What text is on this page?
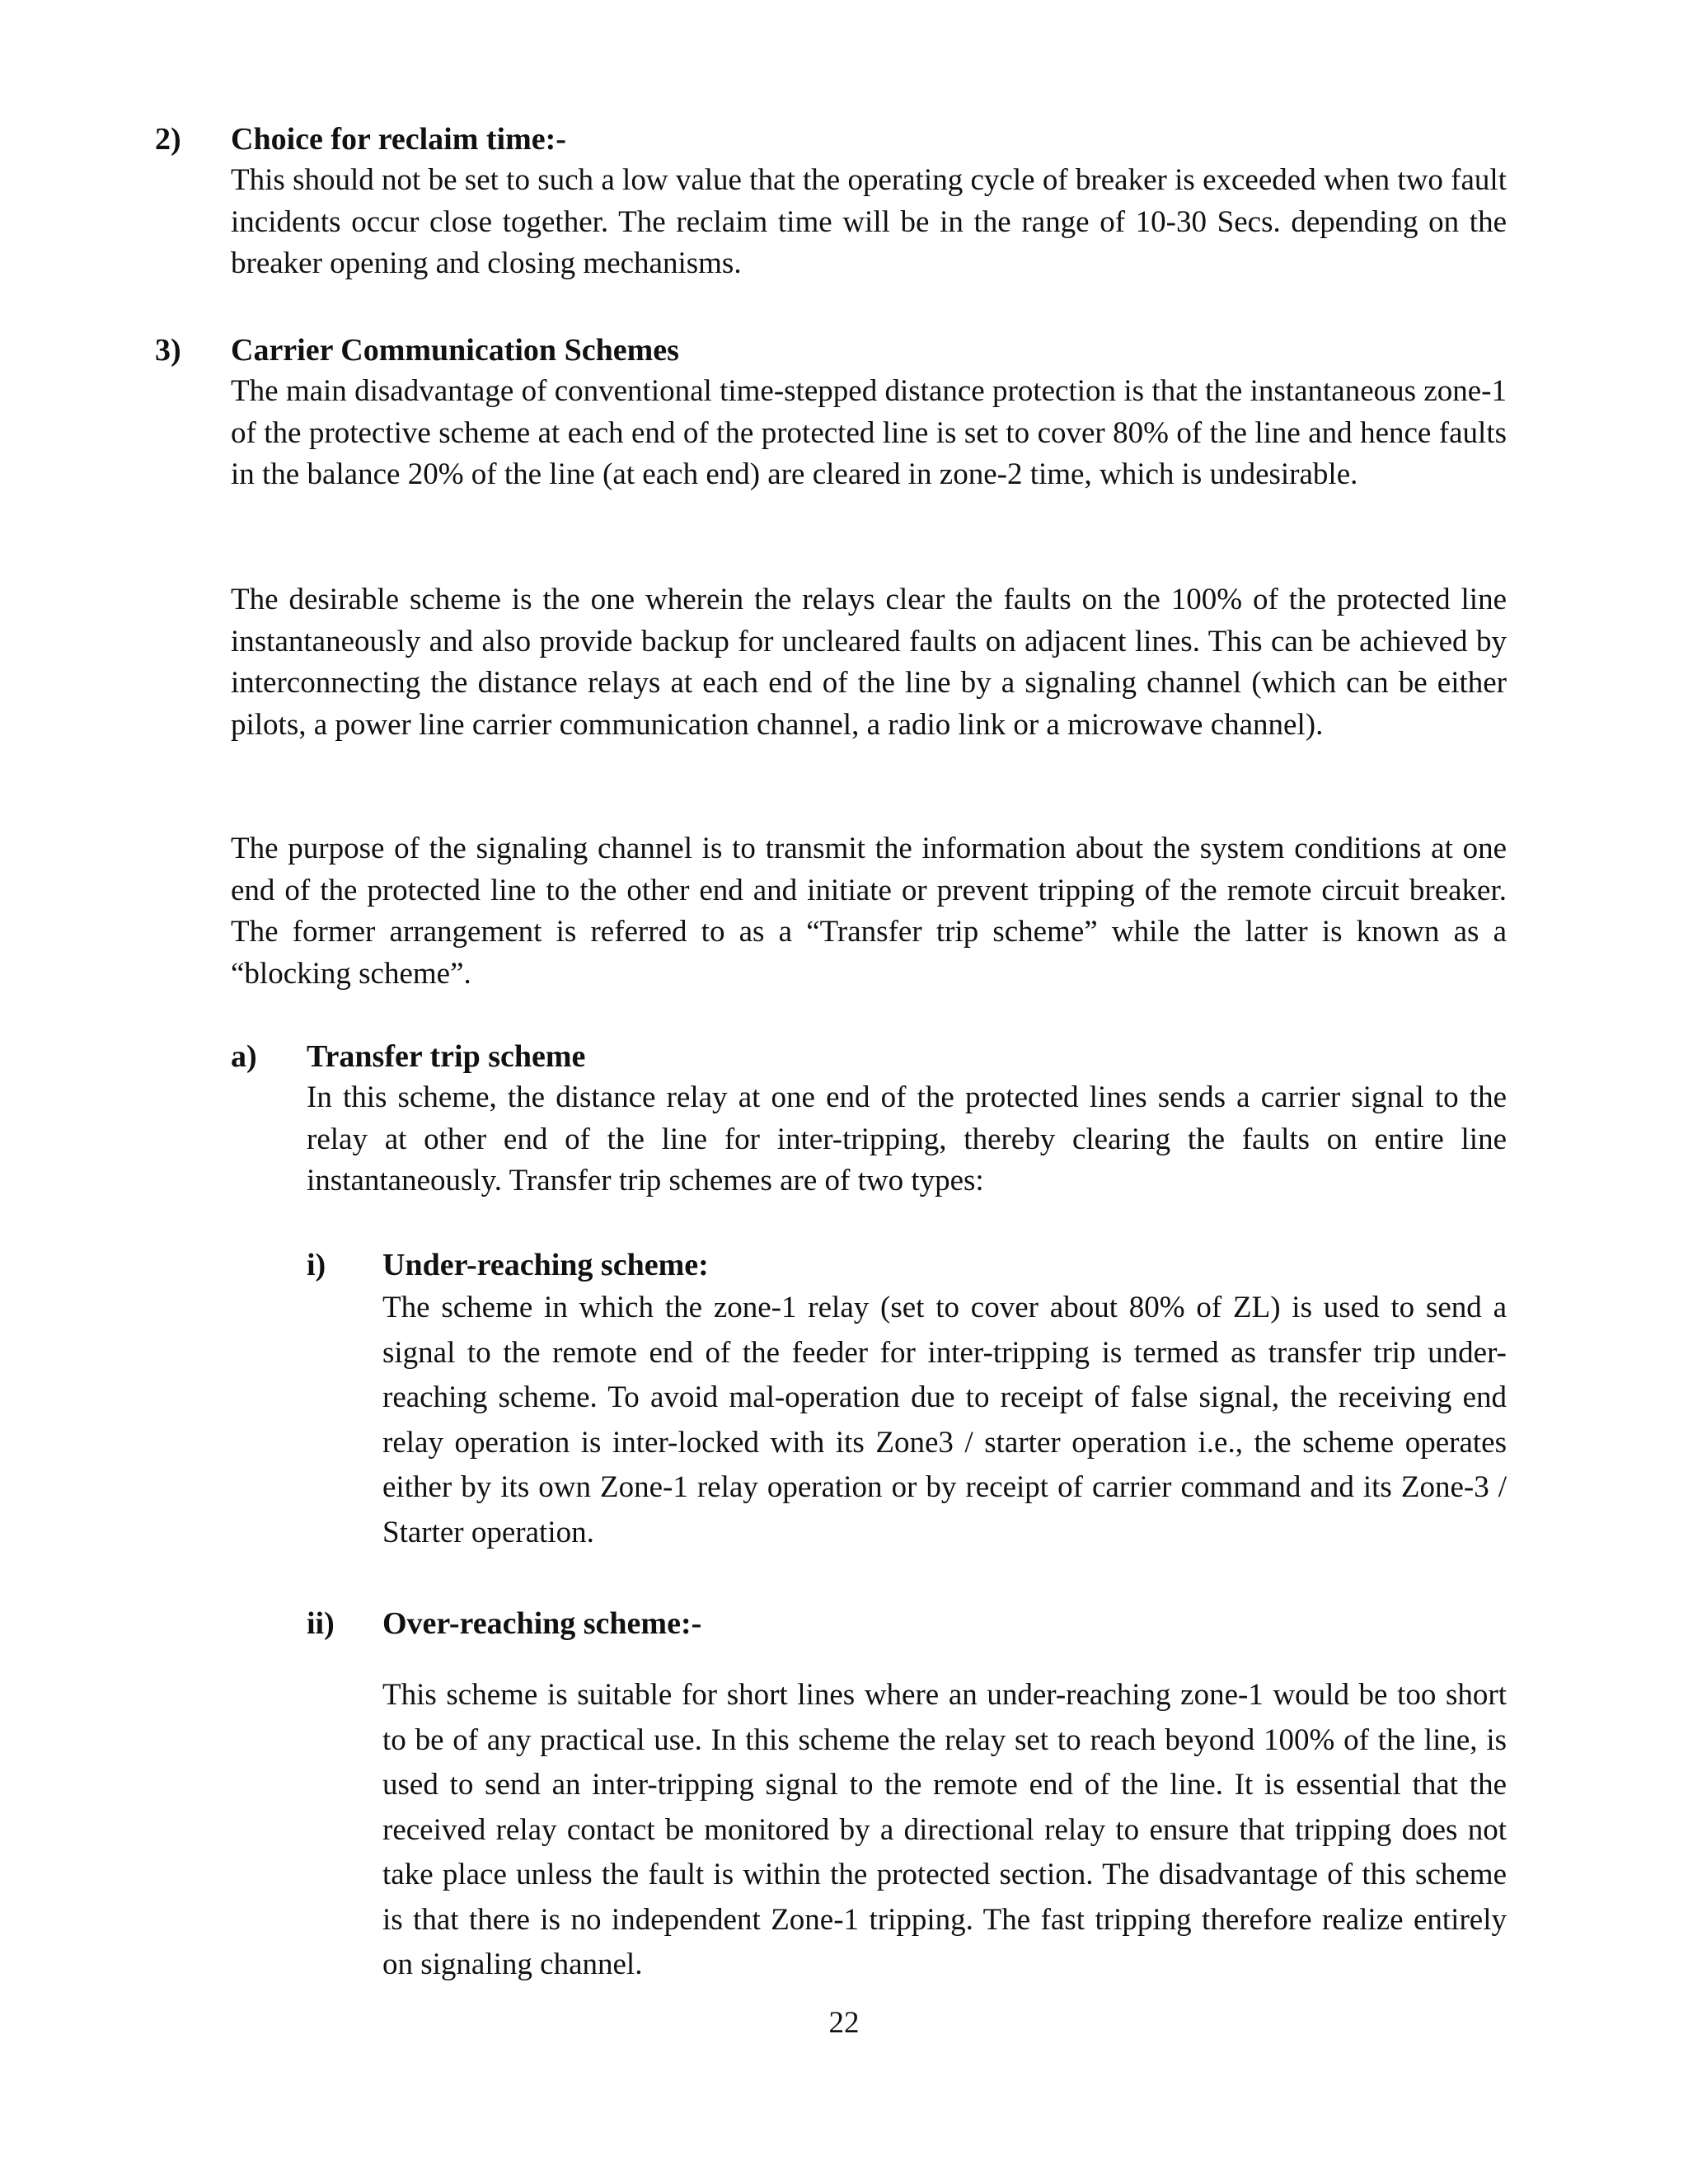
2) Choice for reclaim time:-

This should not be set to such a low value that the operating cycle of breaker is exceeded when two fault incidents occur close together. The reclaim time will be in the range of 10-30 Secs. depending on the breaker opening and closing mechanisms.

3) Carrier Communication Schemes

The main disadvantage of conventional time-stepped distance protection is that the instantaneous zone-1 of the protective scheme at each end of the protected line is set to cover 80% of the line and hence faults in the balance 20% of the line (at each end) are cleared in zone-2 time, which is undesirable.

The desirable scheme is the one wherein the relays clear the faults on the 100% of the protected line instantaneously and also provide backup for uncleared faults on adjacent lines. This can be achieved by interconnecting the distance relays at each end of the line by a signaling channel (which can be either pilots, a power line carrier communication channel, a radio link or a microwave channel).

The purpose of the signaling channel is to transmit the information about the system conditions at one end of the protected line to the other end and initiate or prevent tripping of the remote circuit breaker. The former arrangement is referred to as a “Transfer trip scheme” while the latter is known as a “blocking scheme”.

a) Transfer trip scheme

In this scheme, the distance relay at one end of the protected lines sends a carrier signal to the relay at other end of the line for inter-tripping, thereby clearing the faults on entire line instantaneously. Transfer trip schemes are of two types:

i) Under-reaching scheme:

The scheme in which the zone-1 relay (set to cover about 80% of ZL) is used to send a signal to the remote end of the feeder for inter-tripping is termed as transfer trip under- reaching scheme. To avoid mal-operation due to receipt of false signal, the receiving end relay operation is inter-locked with its Zone3 / starter operation i.e., the scheme operates either by its own Zone-1 relay operation or by receipt of carrier command and its Zone-3 / Starter operation.

ii) Over-reaching scheme:-

This scheme is suitable for short lines where an under-reaching zone-1 would be too short to be of any practical use. In this scheme the relay set to reach beyond 100% of the line, is used to send an inter-tripping signal to the remote end of the line. It is essential that the received relay contact be monitored by a directional relay to ensure that tripping does not take place unless the fault is within the protected section. The disadvantage of this scheme is that there is no independent Zone-1 tripping. The fast tripping therefore realize entirely on signaling channel.

22
